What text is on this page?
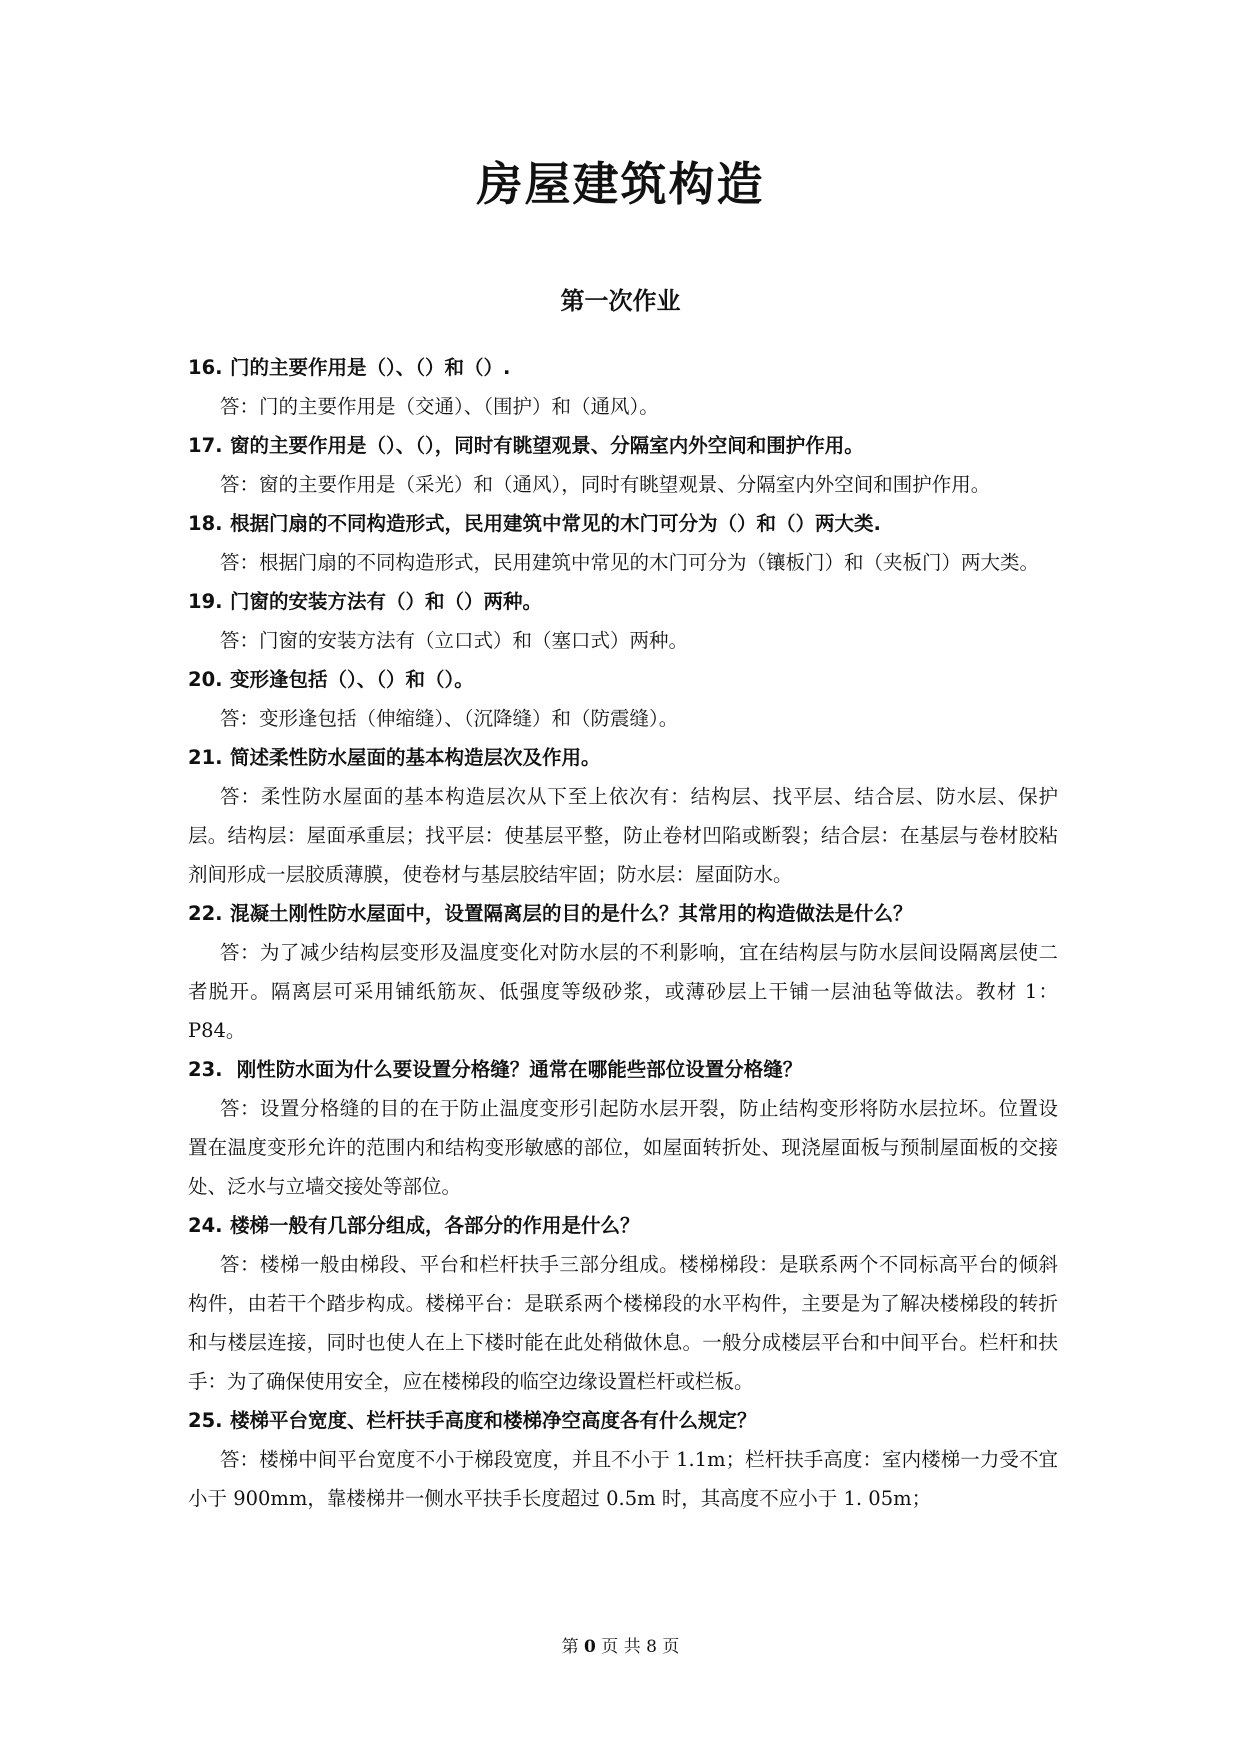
房屋建筑构造
第一次作业
16. 门的主要作用是（）、（）和（）.
答：门的主要作用是（交通）、（围护）和（通风）。
17. 窗的主要作用是（）、（），同时有眺望观景、分隔室内外空间和围护作用。
答：窗的主要作用是（采光）和（通风），同时有眺望观景、分隔室内外空间和围护作用。
18. 根据门扇的不同构造形式，民用建筑中常见的木门可分为（）和（）两大类.
答：根据门扇的不同构造形式，民用建筑中常见的木门可分为（镶板门）和（夹板门）两大类。
19. 门窗的安装方法有（）和（）两种。
答：门窗的安装方法有（立口式）和（塞口式）两种。
20. 变形逢包括（）、（）和（）。
答：变形逢包括（伸缩缝）、（沉降缝）和（防震缝）。
21. 简述柔性防水屋面的基本构造层次及作用。
答：柔性防水屋面的基本构造层次从下至上依次有：结构层、找平层、结合层、防水层、保护层。结构层：屋面承重层；找平层：使基层平整，防止卷材凹陷或断裂；结合层：在基层与卷材胶粘剂间形成一层胶质薄膜，使卷材与基层胶结牢固；防水层：屋面防水。
22. 混凝土刚性防水屋面中，设置隔离层的目的是什么？其常用的构造做法是什么？
答：为了减少结构层变形及温度变化对防水层的不利影响，宜在结构层与防水层间设隔离层使二者脱开。隔离层可采用铺纸筋灰、低强度等级砂浆，或薄砂层上干铺一层油毡等做法。教材 1：P84。
23. 刚性防水面为什么要设置分格缝？通常在哪能些部位设置分格缝？
答：设置分格缝的目的在于防止温度变形引起防水层开裂，防止结构变形将防水层拉坏。位置设置在温度变形允许的范围内和结构变形敏感的部位，如屋面转折处、现浇屋面板与预制屋面板的交接处、泛水与立墙交接处等部位。
24. 楼梯一般有几部分组成，各部分的作用是什么？
答：楼梯一般由梯段、平台和栏杆扶手三部分组成。楼梯梯段：是联系两个不同标高平台的倾斜构件，由若干个踏步构成。楼梯平台：是联系两个楼梯段的水平构件，主要是为了解决楼梯段的转折和与楼层连接，同时也使人在上下楼时能在此处稍做休息。一般分成楼层平台和中间平台。栏杆和扶手：为了确保使用安全，应在楼梯段的临空边缘设置栏杆或栏板。
25. 楼梯平台宽度、栏杆扶手高度和楼梯净空高度各有什么规定？
答：楼梯中间平台宽度不小于梯段宽度，并且不小于 1.1m；栏杆扶手高度：室内楼梯一力受不宜小于 900mm，靠楼梯井一侧水平扶手长度超过 0.5m 时，其高度不应小于 1. 05m；
第 0 页 共 8 页
